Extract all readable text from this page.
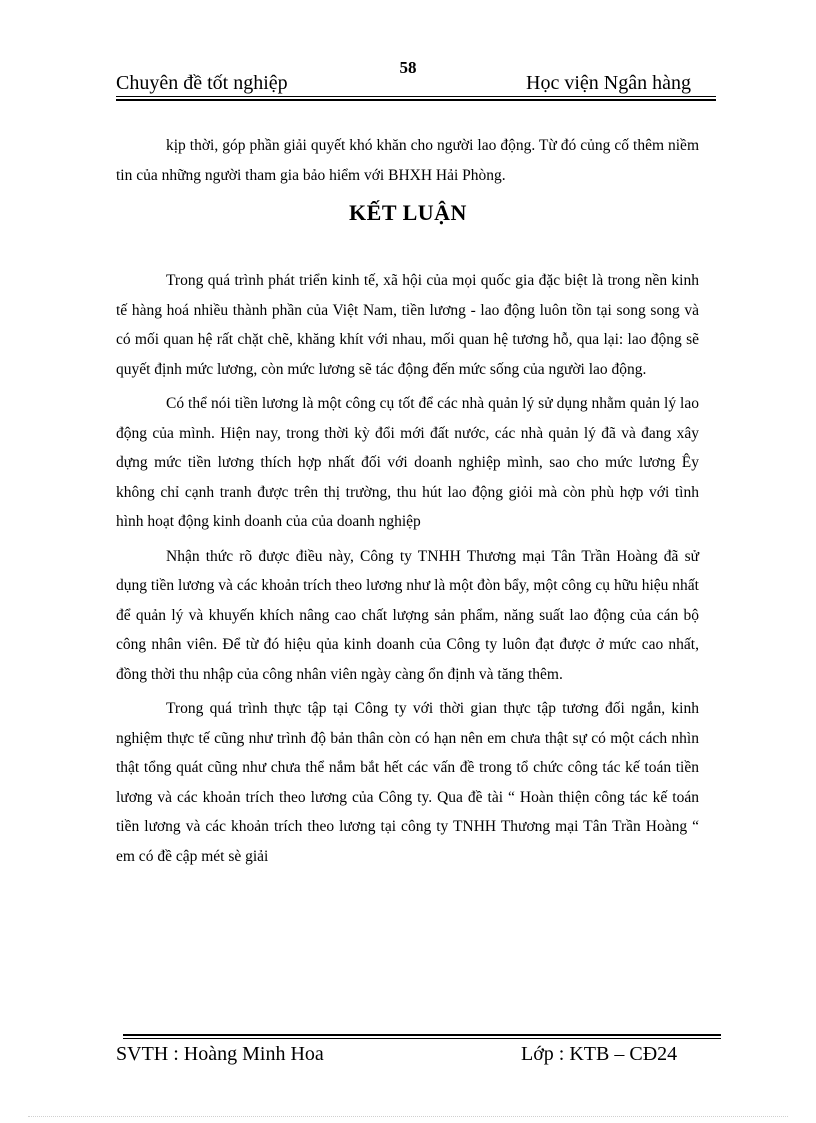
58
Chuyên đề tốt nghiệp	Học viện Ngân hàng

kịp thời, góp phần giải quyết khó khăn cho người lao động. Từ đó củng cố thêm niềm tin của những người tham gia bảo hiểm với BHXH Hải Phòng.

KẾT LUẬN

Trong quá trình phát triển kinh tế, xã hội của mọi quốc gia đặc biệt là trong nền kinh tế hàng hoá nhiều thành phần của Việt Nam, tiền lương - lao động luôn tồn tại song song và có mối quan hệ rất chặt chẽ, khăng khít với nhau, mối quan hệ tương hỗ, qua lại: lao động sẽ quyết định mức lương, còn mức lương sẽ tác động đến mức sống của người lao động.

Có thể nói tiền lương là một công cụ tốt để các nhà quản lý sử dụng nhằm quản lý lao động của mình. Hiện nay, trong thời kỳ đổi mới đất nước, các nhà quản lý đã và đang xây dựng mức tiền lương thích hợp nhất đối với doanh nghiệp mình, sao cho mức lương Êy không chỉ cạnh tranh được trên thị trường, thu hút lao động giỏi mà còn phù hợp với tình hình hoạt động kinh doanh của của doanh nghiệp

Nhận thức rõ được điều này, Công ty TNHH Thương mại Tân Trần Hoàng đã sử dụng tiền lương và các khoản trích theo lương như là một đòn bẩy, một công cụ hữu hiệu nhất để quản lý và khuyến khích nâng cao chất lượng sản phẩm, năng suất lao động của cán bộ công nhân viên. Để từ đó hiệu qủa kinh doanh của Công ty luôn đạt được ở mức cao nhất, đồng thời thu nhập của công nhân viên ngày càng ổn định và tăng thêm.

Trong quá trình thực tập tại Công ty với thời gian thực tập tương đối ngắn, kinh nghiệm thực tế cũng như trình độ bản thân còn có hạn nên em chưa thật sự có một cách nhìn thật tổng quát cũng như chưa thể nắm bắt hết các vấn đề trong tổ chức công tác kế toán tiền lương và các khoản trích theo lương của Công ty. Qua đề tài “ Hoàn thiện công tác kế toán tiền lương và các khoản trích theo lương tại công ty TNHH Thương mại Tân Trần Hoàng “ em có đề cập mét sè giải

SVTH : Hoàng Minh Hoa	Lớp : KTB – CĐ24
